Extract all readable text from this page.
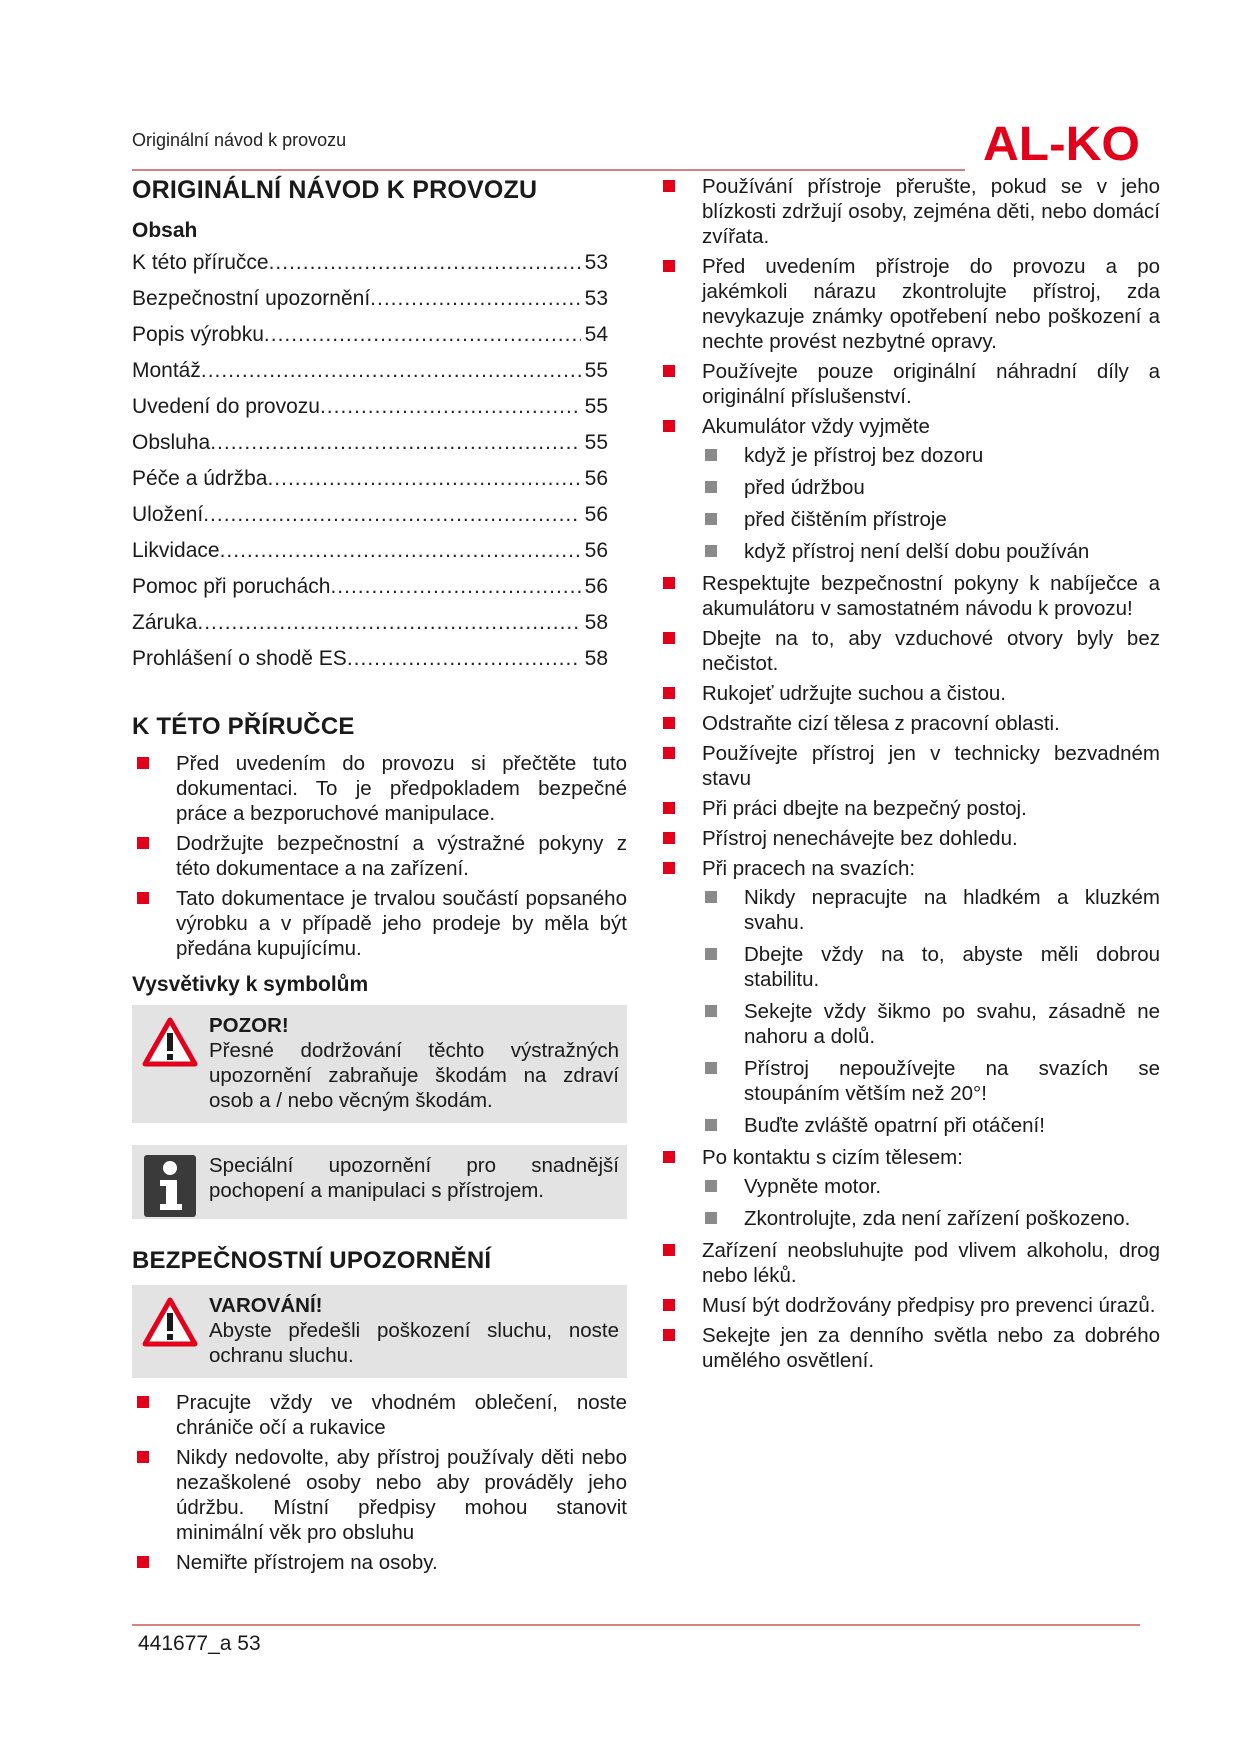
Originální návod k provozu	AL-KO
ORIGINÁLNÍ NÁVOD K PROVOZU
Obsah
K této příručce .....	53
Bezpečnostní upozornění .....	53
Popis výrobku .....	54
Montáž .....	55
Uvedení do provozu .....	55
Obsluha .....	55
Péče a údržba .....	56
Uložení .....	56
Likvidace .....	56
Pomoc při poruchách .....	56
Záruka .....	58
Prohlášení o shodě ES .....	58
K TÉTO PŘÍRUČCE
Před uvedením do provozu si přečtěte tuto dokumentaci. To je předpokladem bezpečné práce a bezporuchové manipulace.
Dodržujte bezpečnostní a výstražné pokyny z této dokumentace a na zařízení.
Tato dokumentace je trvalou součástí popsaného výrobku a v případě jeho prodeje by měla být předána kupujícímu.
Vysvětivky k symbolům
POZOR!
Přesné dodržování těchto výstražných upozornění zabraňuje škodám na zdraví osob a / nebo věcným škodám.
Speciální upozornění pro snadnější pochopení a manipulaci s přístrojem.
BEZPEČNOSTNÍ UPOZORNĚNÍ
VAROVÁNÍ!
Abyste předešli poškození sluchu, noste ochranu sluchu.
Pracujte vždy ve vhodném oblečení, noste chrániče očí a rukavice
Nikdy nedovolte, aby přístroj používaly děti nebo nezaškolené osoby nebo aby prováděly jeho údržbu. Místní předpisy mohou stanovit minimální věk pro obsluhu
Nemiřte přístrojem na osoby.
Používání přístroje přerušte, pokud se v jeho blízkosti zdržují osoby, zejména děti, nebo domácí zvířata.
Před uvedením přístroje do provozu a po jakémkoli nárazu zkontrolujte přístroj, zda nevykazuje známky opotřebení nebo poškození a nechte provést nezbytné opravy.
Používejte pouze originální náhradní díly a originální příslušenství.
Akumulátor vždy vyjměte
když je přístroj bez dozoru
před údržbou
před čištěním přístroje
když přístroj není delší dobu používán
Respektujte bezpečnostní pokyny k nabíječce a akumulátoru v samostatném návodu k provozu!
Dbejte na to, aby vzduchové otvory byly bez nečistot.
Rukojeť udržujte suchou a čistou.
Odstraňte cizí tělesa z pracovní oblasti.
Používejte přístroj jen v technicky bezvadném stavu
Při práci dbejte na bezpečný postoj.
Přístroj nenechávejte bez dohledu.
Při pracech na svazích:
Nikdy nepracujte na hladkém a kluzkém svahu.
Dbejte vždy na to, abyste měli dobrou stabilitu.
Sekejte vždy šikmo po svahu, zásadně ne nahoru a dolů.
Přístroj nepoužívejte na svazích se stoupáním větším než 20°!
Buďte zvláště opatrní při otáčení!
Po kontaktu s cizím tělesem:
Vypněte motor.
Zkontrolujte, zda není zařízení poškozeno.
Zařízení neobsluhujte pod vlivem alkoholu, drog nebo léků.
Musí být dodržovány předpisy pro prevenci úrazů.
Sekejte jen za denního světla nebo za dobrého umělého osvětlení.
441677_a 53
